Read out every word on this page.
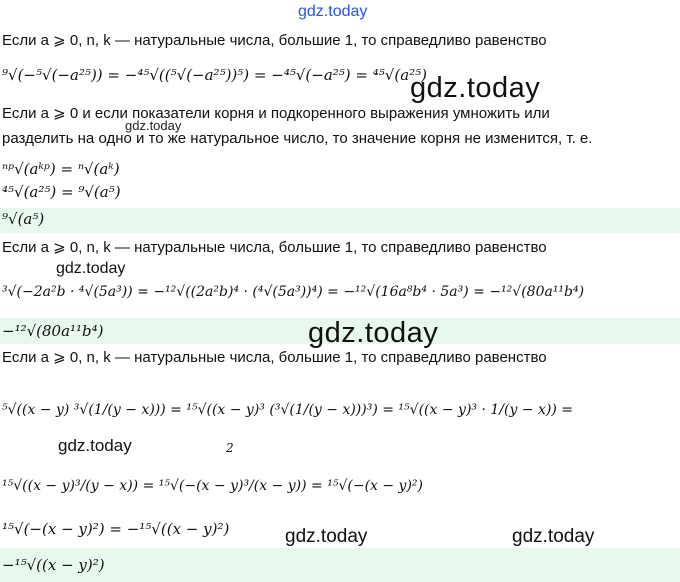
gdz.today
gdz.today
gdz.today
gdz.today
gdz.today
gdz.today
gdz.today	gdz.today
Если a ⩾ 0, n, k — натуральные числа, большие 1, то справедливо равенство
⁹√(−⁵√(−a²⁵)) = −⁴⁵√((⁵√(−a²⁵))⁵) = −⁴⁵√(−a²⁵) = ⁴⁵√(a²⁵)
Если a ⩾ 0 и если показатели корня и подкоренного выражения умножить или
разделить на одно и то же натуральное число, то значение корня не изменится, т. е.
ⁿᵖ√(aᵏᵖ) = ⁿ√(aᵏ)
⁴⁵√(a²⁵) = ⁹√(a⁵)
⁹√(a⁵)
Если a ⩾ 0, n, k — натуральные числа, большие 1, то справедливо равенство
³√(−2a²b · ⁴√(5a³)) = −¹²√((2a²b)⁴ · (⁴√(5a³))⁴) = −¹²√(16a⁸b⁴ · 5a³) = −¹²√(80a¹¹b⁴)
−¹²√(80a¹¹b⁴)
Если a ⩾ 0, n, k — натуральные числа, большие 1, то справедливо равенство
⁵√((x − y) ³√(1/(y − x))) = ¹⁵√((x − y)³ (³√(1/(y − x)))³) = ¹⁵√((x − y)³ · 1/(y − x)) =
¹⁵√((x − y)³/(y − x)) = ¹⁵√(−(x − y)³/(x − y)) = ¹⁵√(−(x − y)²)
2
¹⁵√(−(x − y)²) = −¹⁵√((x − y)²)
−¹⁵√((x − y)²)
